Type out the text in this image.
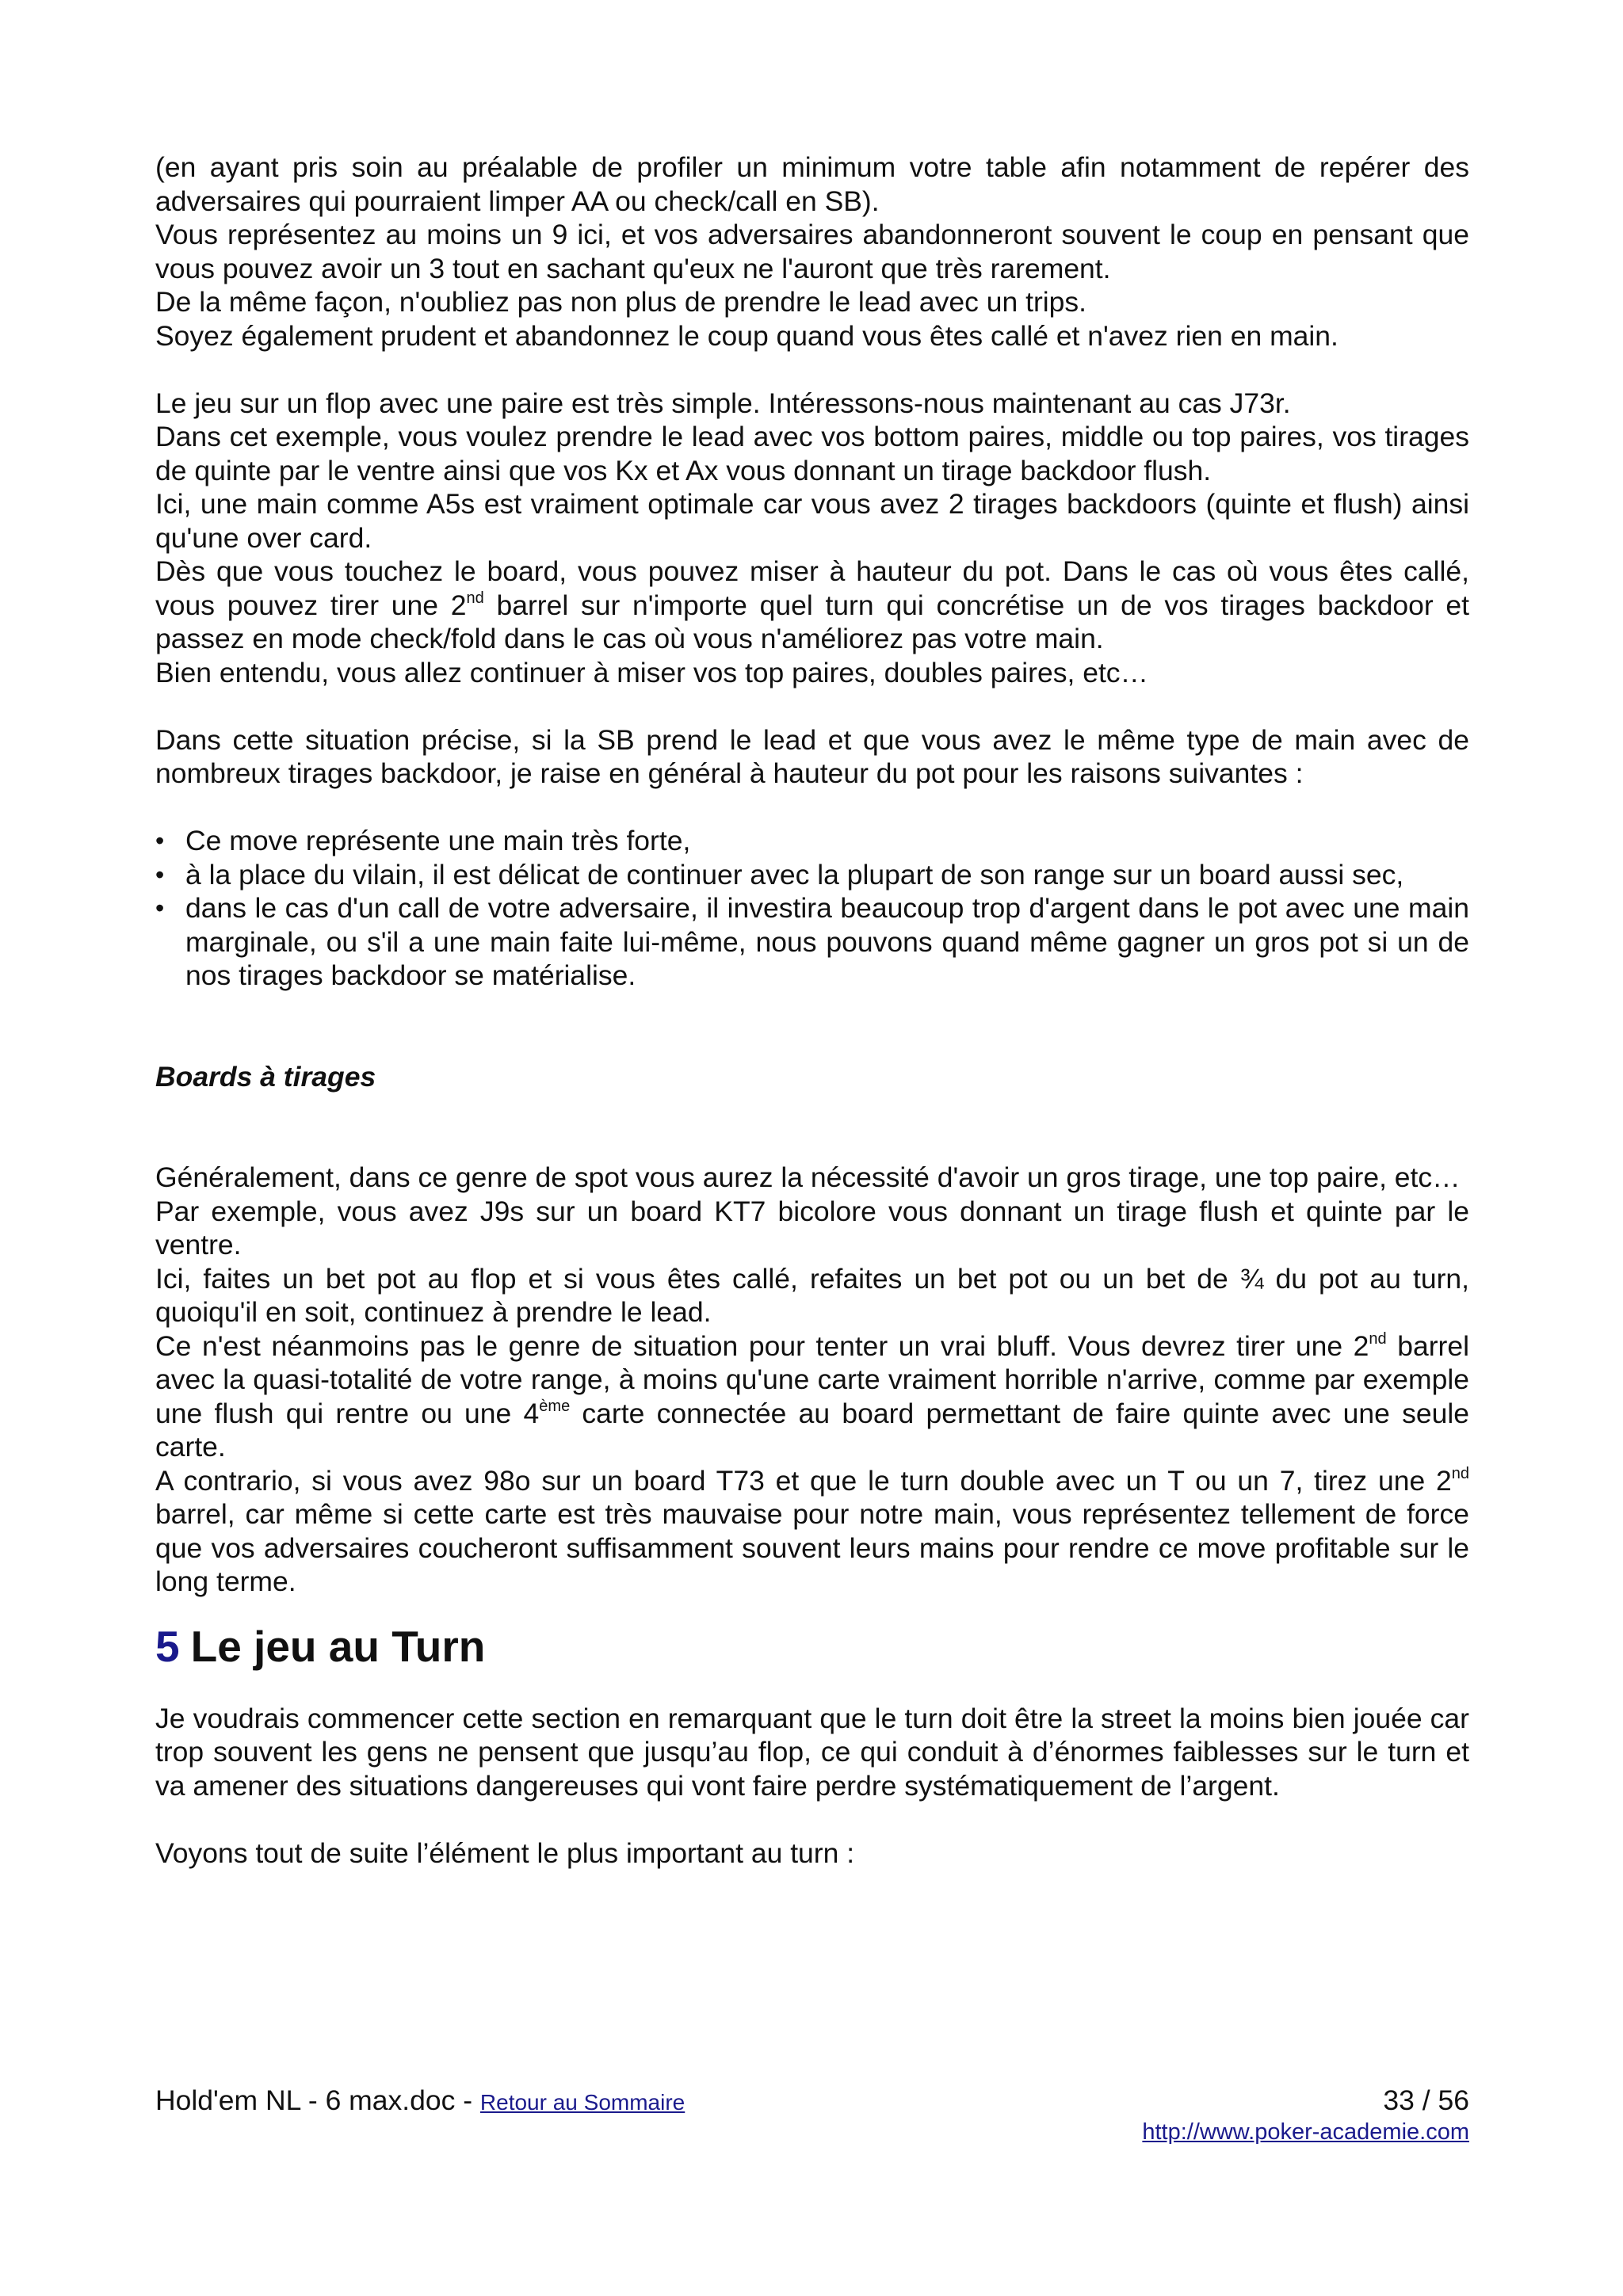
(en ayant pris soin au préalable de profiler un minimum votre table afin notamment de repérer des adversaires qui pourraient limper AA ou check/call en SB).

Vous représentez au moins un 9 ici, et vos adversaires abandonneront souvent le coup en pensant que vous pouvez avoir un 3 tout en sachant qu'eux ne l'auront que très rarement.

De la même façon, n'oubliez pas non plus de prendre le lead avec un trips.

Soyez également prudent et abandonnez le coup quand vous êtes callé et n'avez rien en main.

Le jeu sur un flop avec une paire est très simple. Intéressons-nous maintenant au cas J73r.

Dans cet exemple, vous voulez prendre le lead avec vos bottom paires, middle ou top paires, vos tirages de quinte par le ventre ainsi que vos Kx et Ax vous donnant un tirage backdoor flush.

Ici, une main comme A5s est vraiment optimale car vous avez 2 tirages backdoors (quinte et flush) ainsi qu'une over card.

Dès que vous touchez le board, vous pouvez miser à hauteur du pot. Dans le cas où vous êtes callé, vous pouvez tirer une 2nd barrel sur n'importe quel turn qui concrétise un de vos tirages backdoor et passez en mode check/fold dans le cas où vous n'améliorez pas votre main.

Bien entendu, vous allez continuer à miser vos top paires, doubles paires, etc…

Dans cette situation précise, si la SB prend le lead et que vous avez le même type de main avec de nombreux tirages backdoor, je raise en général à hauteur du pot pour les raisons suivantes :

• Ce move représente une main très forte,
• à la place du vilain, il est délicat de continuer avec la plupart de son range sur un board aussi sec,
• dans le cas d'un call de votre adversaire, il investira beaucoup trop d'argent dans le pot avec une main marginale, ou s'il a une main faite lui-même, nous pouvons quand même gagner un gros pot si un de nos tirages backdoor se matérialise.

Boards à tirages

Généralement, dans ce genre de spot vous aurez la nécessité d'avoir un gros tirage, une top paire, etc…

Par exemple, vous avez J9s sur un board KT7 bicolore vous donnant un tirage flush et quinte par le ventre.

Ici, faites un bet pot au flop et si vous êtes callé, refaites un bet pot ou un bet de ¾ du pot au turn, quoiqu'il en soit, continuez à prendre le lead.

Ce n'est néanmoins pas le genre de situation pour tenter un vrai bluff. Vous devrez tirer une 2nd barrel avec la quasi-totalité de votre range, à moins qu'une carte vraiment horrible n'arrive, comme par exemple une flush qui rentre ou une 4ème carte connectée au board permettant de faire quinte avec une seule carte.

A contrario, si vous avez 98o sur un board T73 et que le turn double avec un T ou un 7, tirez une 2nd barrel, car même si cette carte est très mauvaise pour notre main, vous représentez tellement de force que vos adversaires coucheront suffisamment souvent leurs mains pour rendre ce move profitable sur le long terme.

5 Le jeu au Turn

Je voudrais commencer cette section en remarquant que le turn doit être la street la moins bien jouée car trop souvent les gens ne pensent que jusqu’au flop, ce qui conduit à d’énormes faiblesses sur le turn et va amener des situations dangereuses qui vont faire perdre systématiquement de l’argent.

Voyons tout de suite l’élément le plus important au turn :

Hold'em NL - 6 max.doc - Retour au Sommaire	33 / 56
http://www.poker-academie.com
